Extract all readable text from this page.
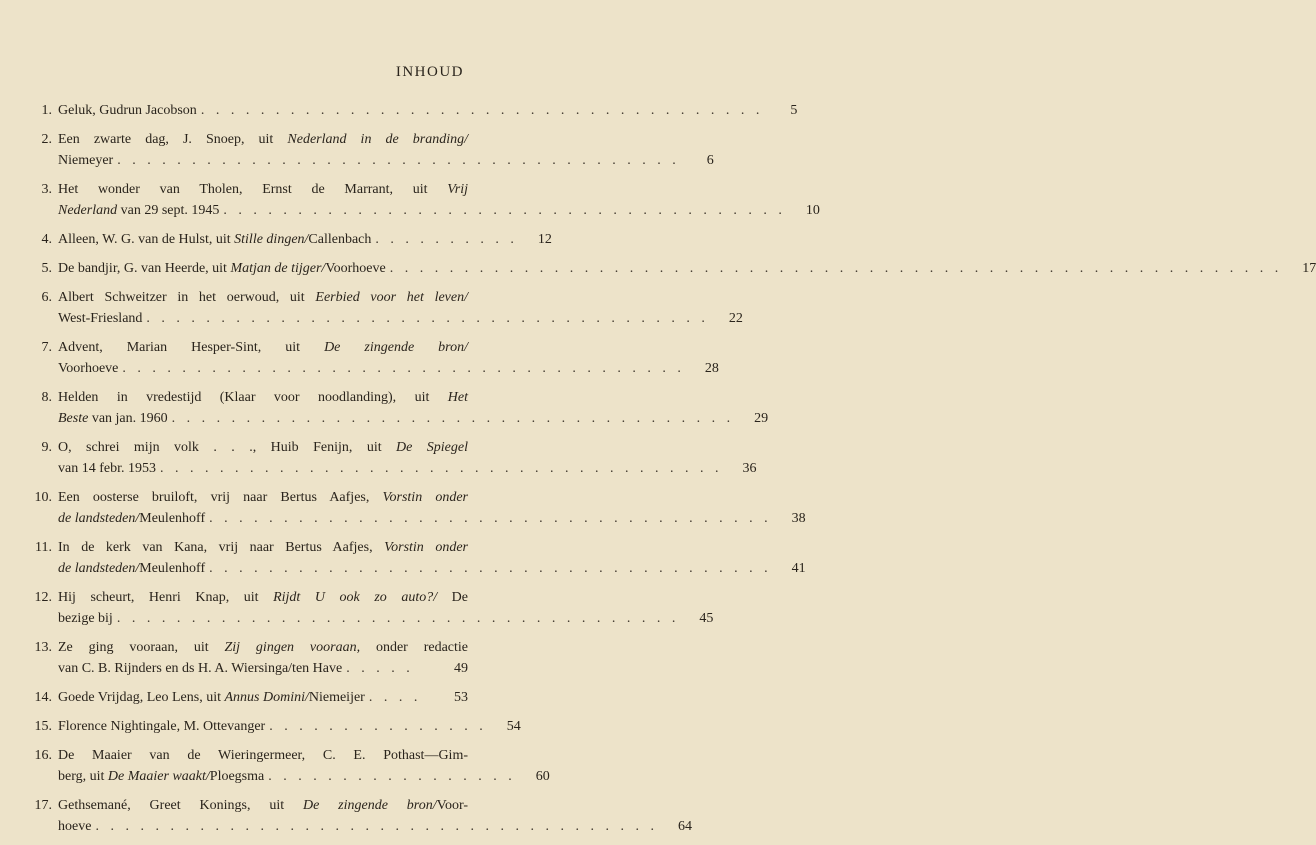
INHOUD
1. Geluk, Gudrun Jacobson . . . . . . . . . . . . . . . . . . . . . . . . . . . . . . . . . . . . . .	5
2. Een zwarte dag, J. Snoep, uit Nederland in de branding/
Niemeyer . . . . . . . . . . . . . . . . . . . . . . . . . . . . . . . . . . . . . .	6
3. Het wonder van Tholen, Ernst de Marrant, uit Vrij
Nederland van 29 sept. 1945 . . . . . . . . . . . . . . . . . . . . . . . . . . . . . . . . . . . . . .	10
4. Alleen, W. G. van de Hulst, uit Stille dingen/Callenbach . . . . . . . . . .	12
5. De bandjir, G. van Heerde, uit Matjan de tijger/Voorhoeve . . . . . . . . . . . . . . . . . . . . . . . . . . . . . . . . . . . . . . . . . . . . . . . . . . . . . . . . . . . .	17
6. Albert Schweitzer in het oerwoud, uit Eerbied voor het leven/
West-Friesland . . . . . . . . . . . . . . . . . . . . . . . . . . . . . . . . . . . . . .	22
7. Advent, Marian Hesper-Sint, uit De zingende bron/
Voorhoeve . . . . . . . . . . . . . . . . . . . . . . . . . . . . . . . . . . . . . .	28
8. Helden in vredestijd (Klaar voor noodlanding), uit Het
Beste van jan. 1960 . . . . . . . . . . . . . . . . . . . . . . . . . . . . . . . . . . . . . .	29
9. O, schrei mijn volk . . ., Huib Fenijn, uit De Spiegel
van 14 febr. 1953 . . . . . . . . . . . . . . . . . . . . . . . . . . . . . . . . . . . . . .	36
10. Een oosterse bruiloft, vrij naar Bertus Aafjes, Vorstin onder
de landsteden/Meulenhoff . . . . . . . . . . . . . . . . . . . . . . . . . . . . . . . . . . . . . .	38
11. In de kerk van Kana, vrij naar Bertus Aafjes, Vorstin onder
de landsteden/Meulenhoff . . . . . . . . . . . . . . . . . . . . . . . . . . . . . . . . . . . . . .	41
12. Hij scheurt, Henri Knap, uit Rijdt U ook zo auto?/ De
bezige bij . . . . . . . . . . . . . . . . . . . . . . . . . . . . . . . . . . . . . .	45
13. Ze ging vooraan, uit Zij gingen vooraan, onder redactie
van C. B. Rijnders en ds H. A. Wiersinga/ten Have . . . . .	49
14. Goede Vrijdag, Leo Lens, uit Annus Domini/Niemeijer . . . .	53
15. Florence Nightingale, M. Ottevanger . . . . . . . . . . . . . . .	54
16. De Maaier van de Wieringermeer, C. E. Pothast—Gim-
berg, uit De Maaier waakt/Ploegsma . . . . . . . . . . . . . . . . .	60
17. Gethsemané, Greet Konings, uit De zingende bron/Voor-
hoeve . . . . . . . . . . . . . . . . . . . . . . . . . . . . . . . . . . . . . .	64
